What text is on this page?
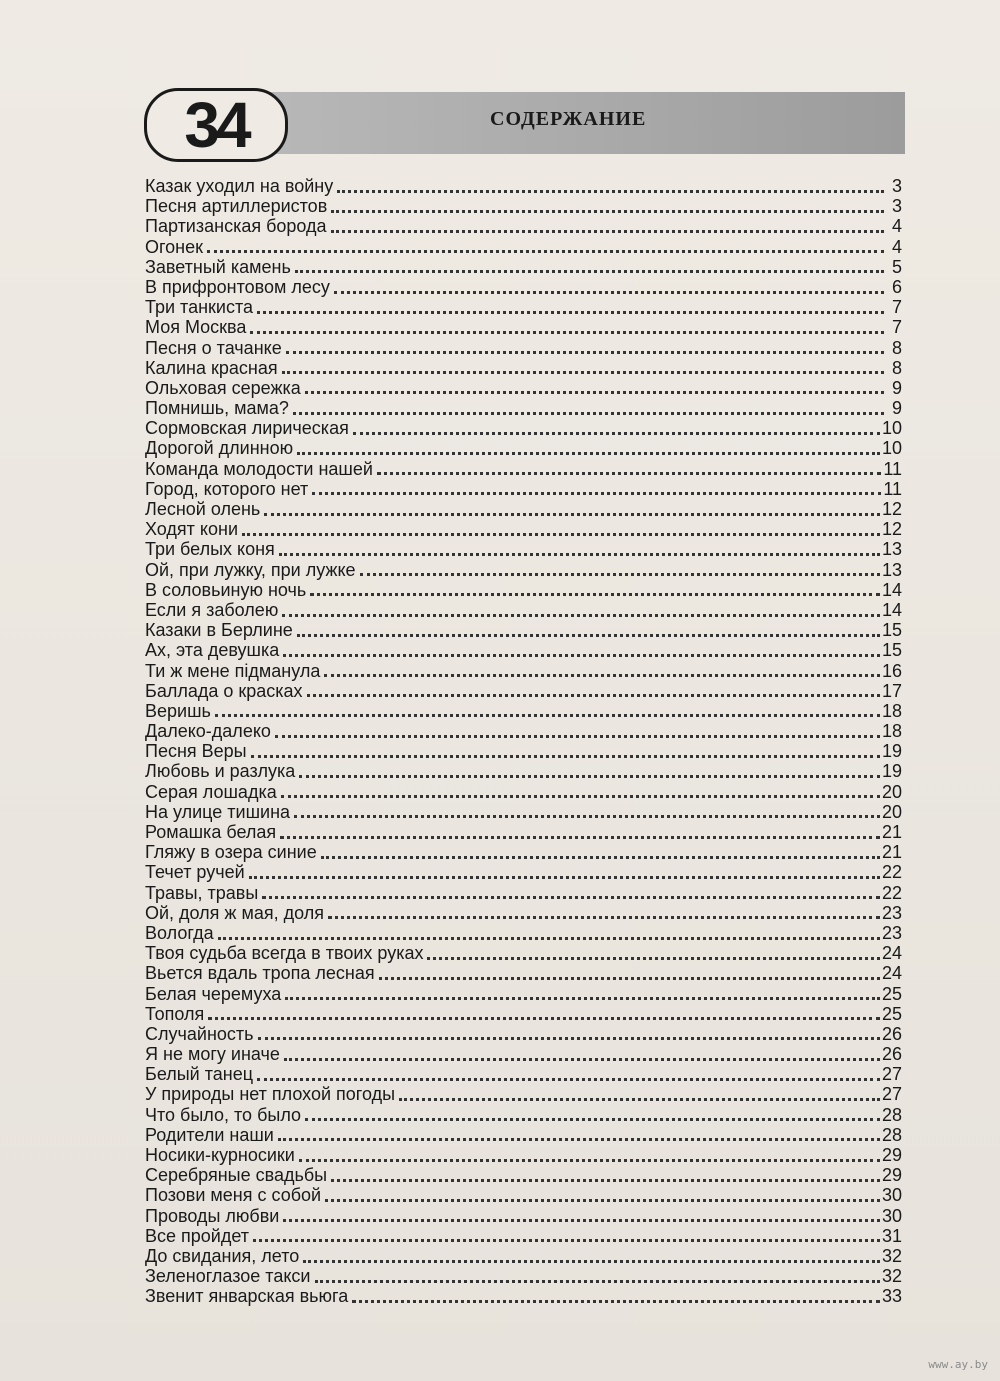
34	СОДЕРЖАНИЕ
Казак уходил на войну	3
Песня артиллеристов	3
Партизанская борода	4
Огонек	4
Заветный камень	5
В прифронтовом лесу	6
Три танкиста	7
Моя Москва	7
Песня о тачанке	8
Калина красная	8
Ольховая сережка	9
Помнишь, мама?	9
Сормовская лирическая	10
Дорогой длинною	10
Команда молодости нашей	11
Город, которого нет	11
Лесной олень	12
Ходят кони	12
Три белых коня	13
Ой, при лужку, при лужке	13
В соловьиную ночь	14
Если я заболею	14
Казаки в Берлине	15
Ах, эта девушка	15
Ти ж мене пiдманула	16
Баллада о красках	17
Веришь	18
Далеко-далеко	18
Песня Веры	19
Любовь и разлука	19
Серая лошадка	20
На улице тишина	20
Ромашка белая	21
Гляжу в озера синие	21
Течет ручей	22
Травы, травы	22
Ой, доля ж мая, доля	23
Вологда	23
Твоя судьба всегда в твоих руках	24
Вьется вдаль тропа лесная	24
Белая черемуха	25
Тополя	25
Случайность	26
Я не могу иначе	26
Белый танец	27
У природы нет плохой погоды	27
Что было, то было	28
Родители наши	28
Носики-курносики	29
Серебряные свадьбы	29
Позови меня с собой	30
Проводы любви	30
Все пройдет	31
До свидания, лето	32
Зеленоглазое такси	32
Звенит январская вьюга	33
www.ay.by
